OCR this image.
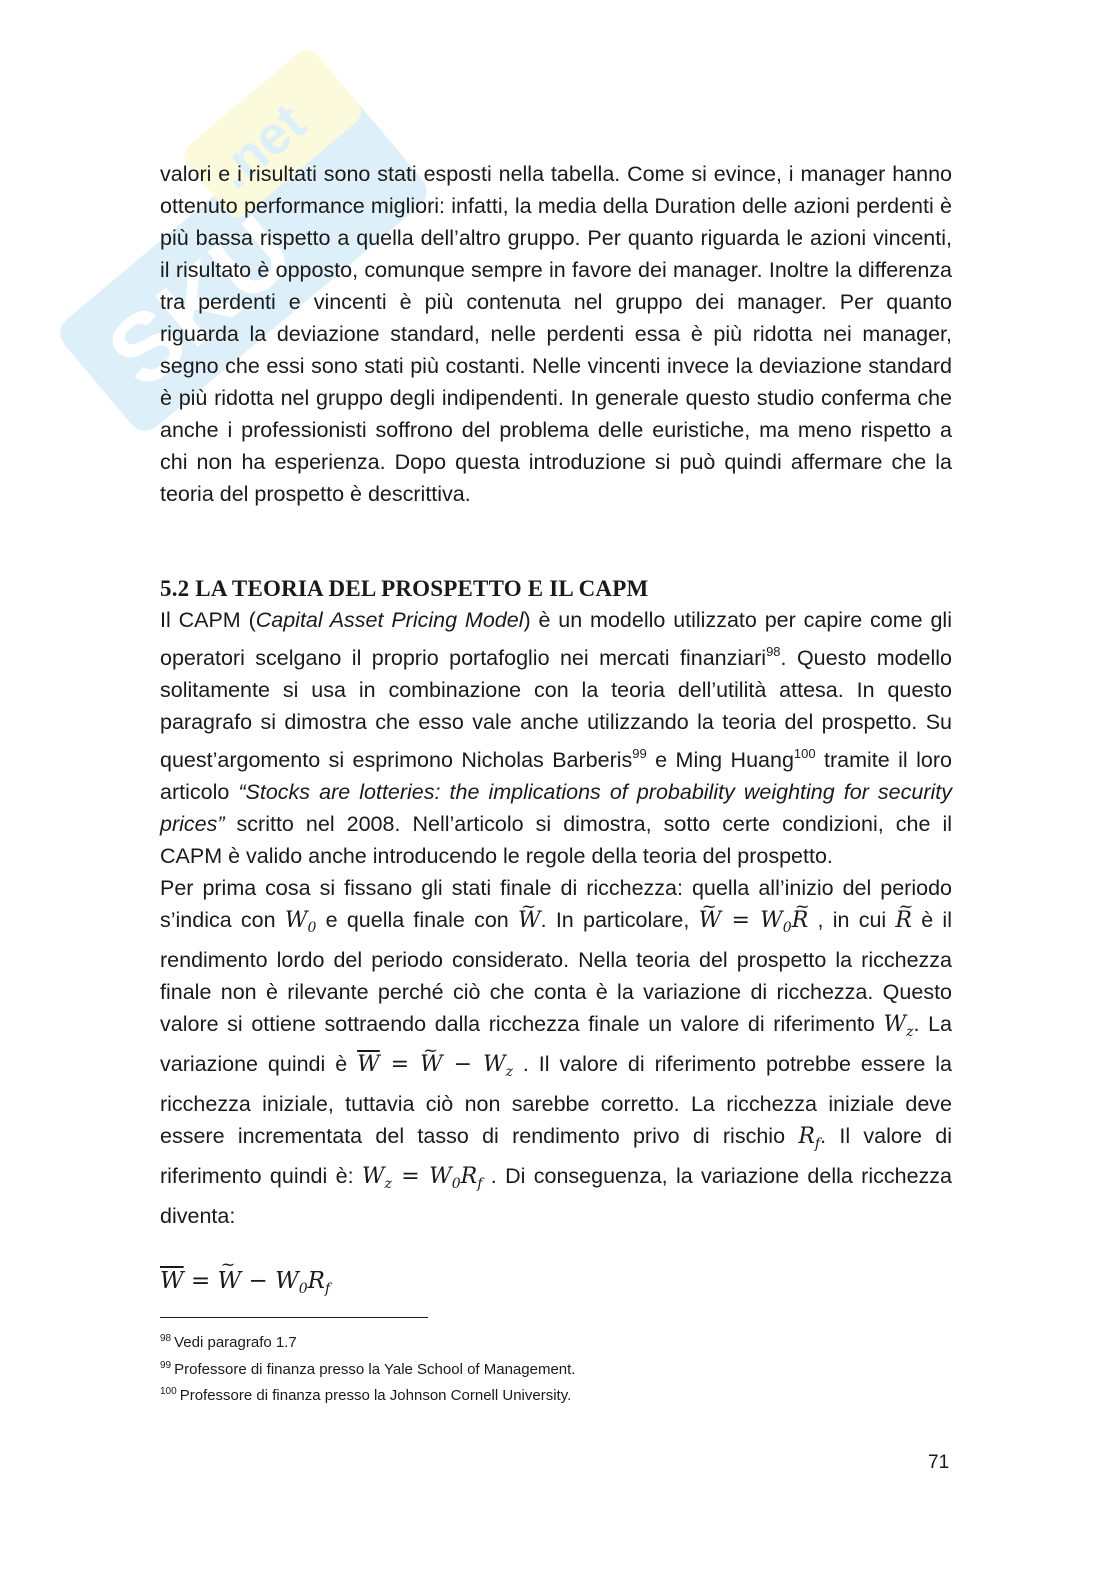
SKU
.net

valori e i risultati sono stati esposti nella tabella. Come si evince, i manager hanno ottenuto performance migliori: infatti, la media della Duration delle azioni perdenti è più bassa rispetto a quella dell’altro gruppo. Per quanto riguarda le azioni vincenti, il risultato è opposto, comunque sempre in favore dei manager. Inoltre la differenza tra perdenti e vincenti è più contenuta nel gruppo dei manager. Per quanto riguarda la deviazione standard, nelle perdenti essa è più ridotta nei manager, segno che essi sono stati più costanti. Nelle vincenti invece la deviazione standard è più ridotta nel gruppo degli indipendenti. In generale questo studio conferma che anche i professionisti soffrono del problema delle euristiche, ma meno rispetto a chi non ha esperienza. Dopo questa introduzione si può quindi affermare che la teoria del prospetto è descrittiva.

5.2 LA TEORIA DEL PROSPETTO E IL CAPM

Il CAPM (Capital Asset Pricing Model) è un modello utilizzato per capire come gli operatori scelgano il proprio portafoglio nei mercati finanziari$^{98}$. Questo modello solitamente si usa in combinazione con la teoria dell’utilità attesa. In questo paragrafo si dimostra che esso vale anche utilizzando la teoria del prospetto. Su quest’argomento si esprimono Nicholas Barberis$^{99}$ e Ming Huang$^{100}$ tramite il loro articolo “Stocks are lotteries: the implications of probability weighting for security prices” scritto nel 2008. Nell’articolo si dimostra, sotto certe condizioni, che il CAPM è valido anche introducendo le regole della teoria del prospetto.

Per prima cosa si fissano gli stati finale di ricchezza: quella all’inizio del periodo s’indica con $W_0$ e quella finale con ~ W. In particolare, ~ $W = W_0\sim$ R , in cui ~ R è il rendimento lordo del periodo considerato. Nella teoria del prospetto la ricchezza finale non è rilevante perché ciò che conta è la variazione di ricchezza. Questo valore si ottiene sottraendo dalla ricchezza finale un valore di riferimento $W_z$. La variazione quindi è $\overline{W}$ = ~ $W - W_z$ . Il valore di riferimento potrebbe essere la ricchezza iniziale, tuttavia ciò non sarebbe corretto. La ricchezza iniziale deve essere incrementata del tasso di rendimento privo di rischio $R_f$. Il valore di riferimento quindi è: $W_z = W_0R_f$ . Di conseguenza, la variazione della ricchezza diventa:

$\overline{W}$ = ~ $W - W_0R_f$
$^{98}$ Vedi paragrafo 1.7
$^{99}$ Professore di finanza presso la Yale School of Management.
$^{100}$ Professore di finanza presso la Johnson Cornell University.
71
